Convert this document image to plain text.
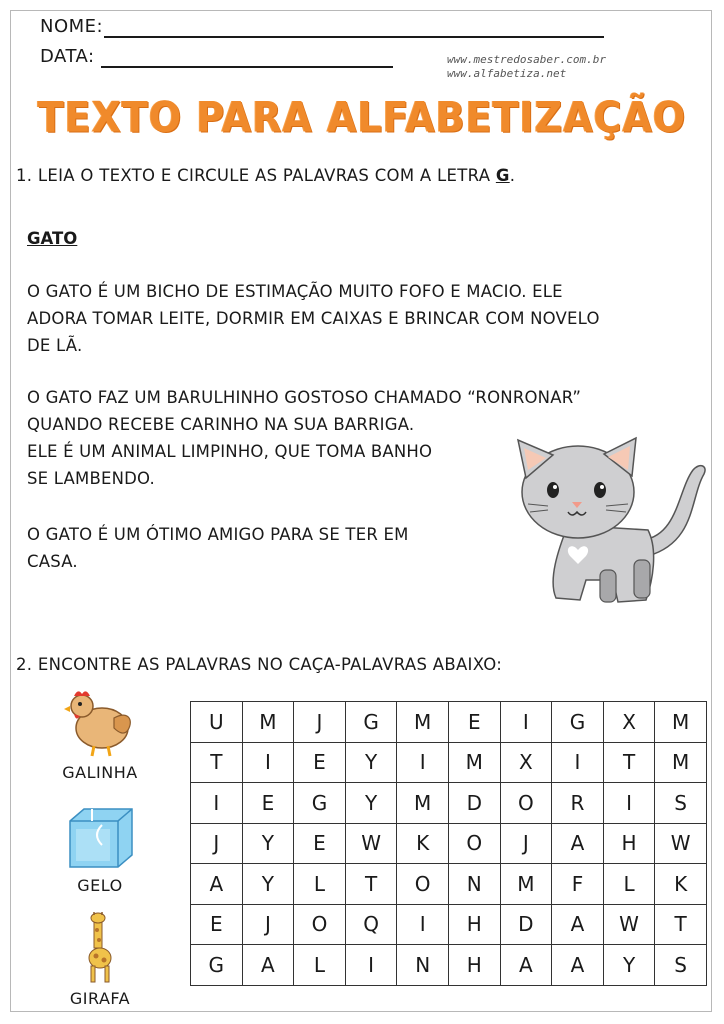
NOME:
DATA:	www.mestredosaber.com.br
www.alfabetiza.net
TEXTO PARA ALFABETIZAÇÃO
1. LEIA O TEXTO E CIRCULE AS PALAVRAS COM A LETRA G.
GATO
O GATO É UM BICHO DE ESTIMAÇÃO MUITO FOFO E MACIO. ELE
ADORA TOMAR LEITE, DORMIR EM CAIXAS E BRINCAR COM NOVELO
DE LÃ.
O GATO FAZ UM BARULHINHO GOSTOSO CHAMADO “RONRONAR”
QUANDO RECEBE CARINHO NA SUA BARRIGA.
ELE É UM ANIMAL LIMPINHO, QUE TOMA BANHO
SE LAMBENDO.
O GATO É UM ÓTIMO AMIGO PARA SE TER EM
CASA.
2. ENCONTRE AS PALAVRAS NO CAÇA-PALAVRAS ABAIXO:
GALINHA
GELO
GIRAFA
U	M	J	G	M	E	I	G	X	M
T	I	E	Y	I	M	X	I	T	M
I	E	G	Y	M	D	O	R	I	S
J	Y	E	W	K	O	J	A	H	W
A	Y	L	T	O	N	M	F	L	K
E	J	O	Q	I	H	D	A	W	T
G	A	L	I	N	H	A	A	Y	S
